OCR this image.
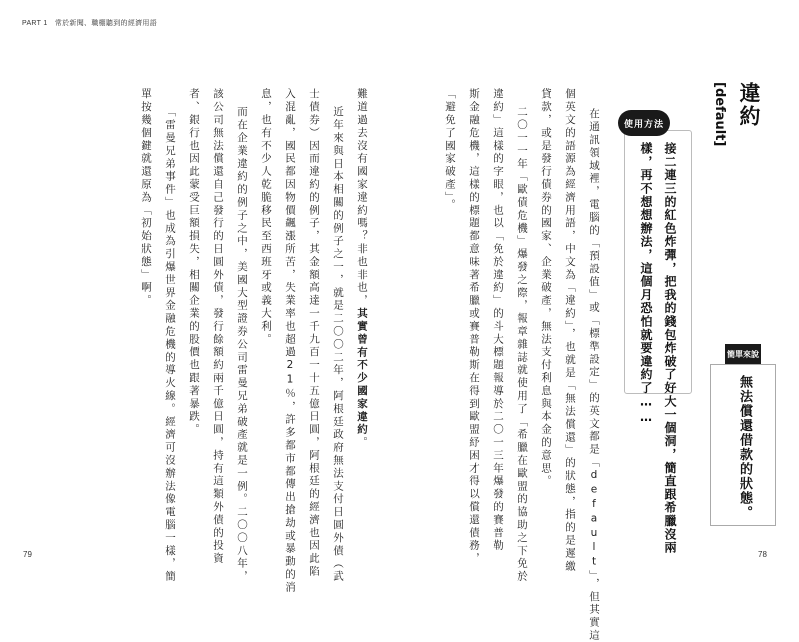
PART 1　常於新聞、職棚聽到的經濟用語
79	78
違約
[default]
使用方法
接二連三的紅色炸彈，把我的錢包炸破了好大一個洞，簡直跟希臘沒兩
樣，再不想想辦法，這個月恐怕就要違約了……	簡單來說
無法償還借款的狀態。
在通訊領域裡，電腦的「預設值」或「標準設定」的英文都是「default」，但其實這
個英文的語源為經濟用語，中文為「違約」，也就是「無法償還」的狀態，指的是遲繳
貸款，或是發行債券的國家、企業破產，無法支付利息與本金的意思。
二〇一一年「歐債危機」爆發之際，報章雜誌就使用了「希臘在歐盟的協助之下免於
違約」這樣的字眼，也以「免於違約」的斗大標題報導於二〇一三年爆發的賽普勒
斯金融危機，這樣的標題都意味著希臘或賽普勒斯在得到歐盟紓困才得以償還債務，
「避免了國家破產」。
難道過去沒有國家違約嗎？非也非也，其實曾有不少國家違約。
近年來與日本相關的例子之一，就是二〇〇二年，阿根廷政府無法支付日圓外債（武
士債券）因而違約的例子，其金額高達一千九百一十五億日圓，阿根廷的經濟也因此陷
入混亂，國民都因物價飆漲所苦，失業率也超過21％，許多都市都傳出搶劫或暴動的消
息，也有不少人乾脆移民至西班牙或義大利。
而在企業違約的例子之中，美國大型證券公司雷曼兄弟破產就是一例。二〇〇八年，
該公司無法償還自己發行的日圓外債，發行餘額約兩千億日圓，持有這類外債的投資
者、銀行也因此蒙受巨額損失，相關企業的股價也跟著暴跌。
「雷曼兄弟事件」也成為引爆世界金融危機的導火線。經濟可沒辦法像電腦一樣，簡
單按幾個鍵就還原為「初始狀態」啊。
